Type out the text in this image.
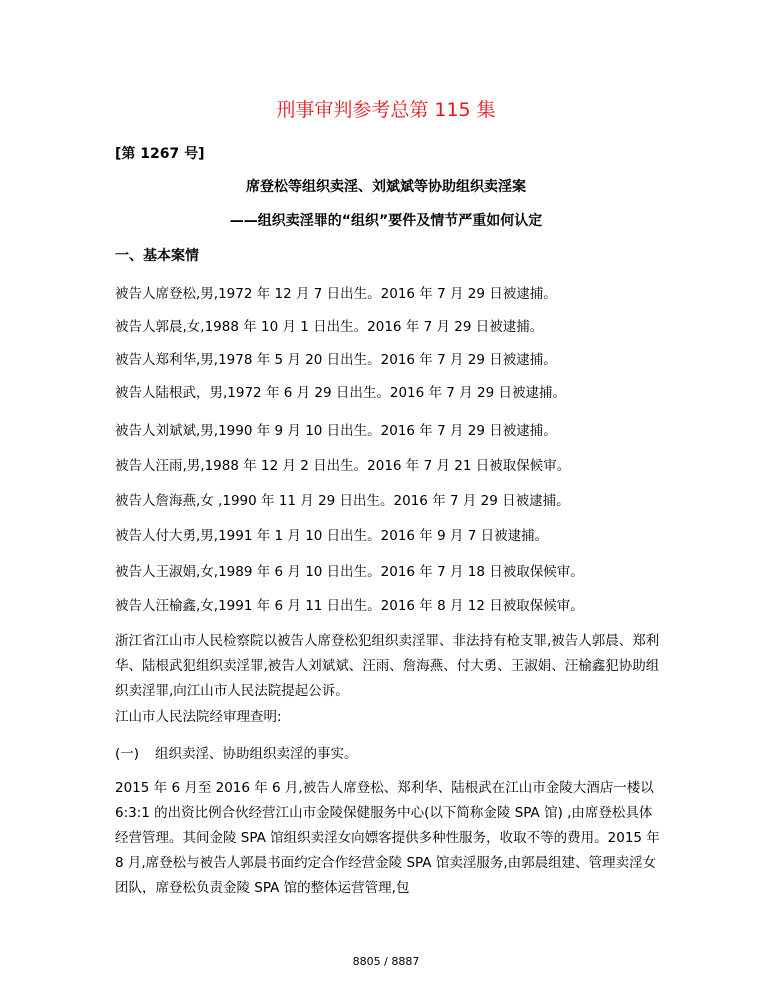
刑事审判参考总第 115 集
[第 1267 号]
席登松等组织卖淫、刘斌斌等协助组织卖淫案
——组织卖淫罪的“组织”要件及情节严重如何认定
一、基本案情

被告人席登松,男,1972 年 12 月 7 日出生。2016 年 7 月 29 日被逮捕。

被告人郭晨,女,1988 年 10 月 1 日出生。2016 年 7 月 29 日被逮捕。

被告人郑利华,男,1978 年 5 月 20 日出生。2016 年 7 月 29 日被逮捕。

被告人陆根武，男,1972 年 6 月 29 日出生。2016 年 7 月 29 日被逮捕。

被告人刘斌斌,男,1990 年 9 月 10 日出生。2016 年 7 月 29 日被逮捕。

被告人汪雨,男,1988 年 12 月 2 日出生。2016 年 7 月 21 日被取保候审。

被告人詹海燕,女 ,1990 年 11 月 29 日出生。2016 年 7 月 29 日被逮捕。

被告人付大勇,男,1991 年 1 月 10 日出生。2016 年 9 月 7 日被逮捕。

被告人王淑娟,女,1989 年 6 月 10 日出生。2016 年 7 月 18 日被取保候审。

被告人汪榆鑫,女,1991 年 6 月 11 日出生。2016 年 8 月 12 日被取保候审。

浙江省江山市人民检察院以被告人席登松犯组织卖淫罪、非法持有枪支罪,被告人郭晨、郑利华、陆根武犯组织卖淫罪,被告人刘斌斌、汪雨、詹海燕、付大勇、王淑娟、汪榆鑫犯协助组织卖淫罪,向江山市人民法院提起公诉。

江山市人民法院经审理查明:

(一) 组织卖淫、协助组织卖淫的事实。

2015 年 6 月至 2016 年 6 月,被告人席登松、郑利华、陆根武在江山市金陵大酒店一楼以 6:3:1 的出资比例合伙经营江山市金陵保健服务中心(以下简称金陵 SPA 馆) ,由席登松具体经营管理。其间金陵 SPA 馆组织卖淫女向嫖客提供多种性服务，收取不等的费用。2015 年 8 月,席登松与被告人郭晨书面约定合作经营金陵 SPA 馆卖淫服务,由郭晨组建、管理卖淫女团队，席登松负责金陵 SPA 馆的整体运营管理,包

8805 / 8887
